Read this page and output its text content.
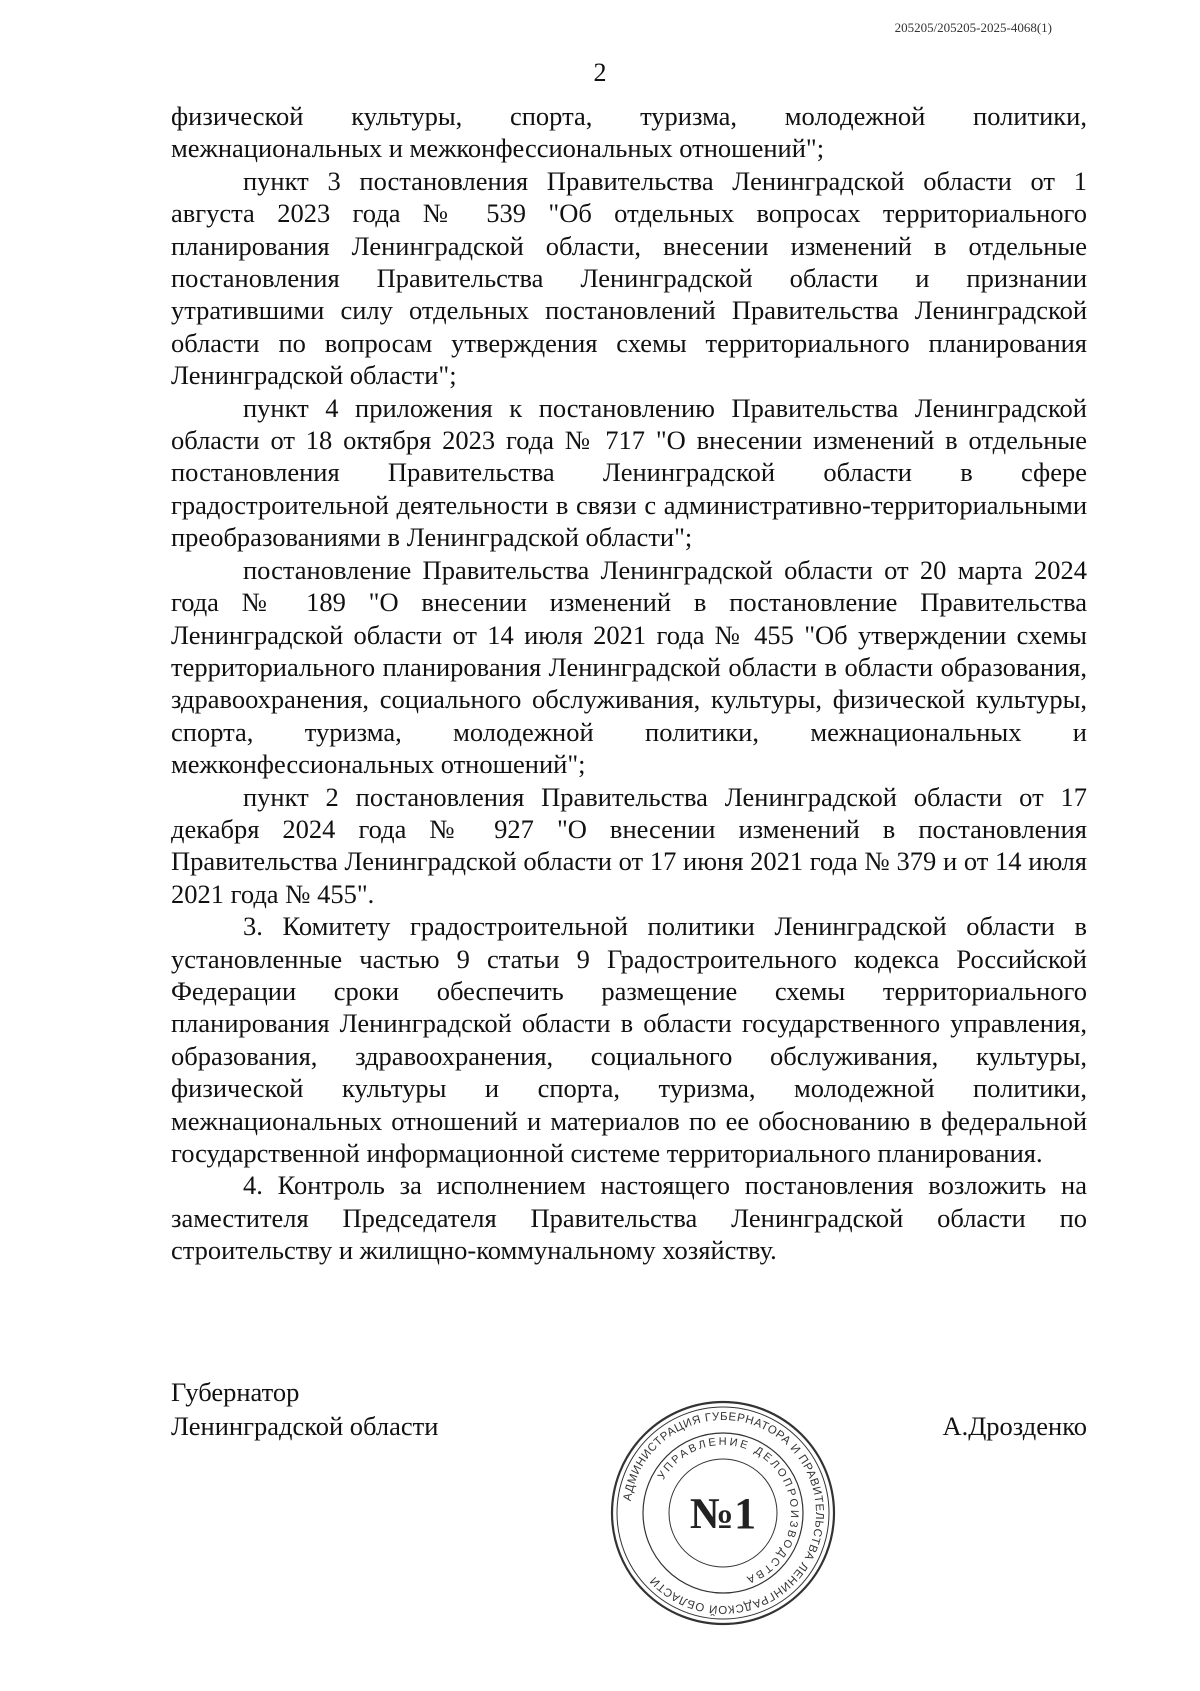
205205/205205-2025-4068(1)
2

физической культуры, спорта, туризма, молодежной политики, межнациональных и межконфессиональных отношений";

пункт 3 постановления Правительства Ленинградской области от 1 августа 2023 года № 539 "Об отдельных вопросах территориального планирования Ленинградской области, внесении изменений в отдельные постановления Правительства Ленинградской области и признании утратившими силу отдельных постановлений Правительства Ленинградской области по вопросам утверждения схемы территориального планирования Ленинградской области";

пункт 4 приложения к постановлению Правительства Ленинградской области от 18 октября 2023 года № 717 "О внесении изменений в отдельные постановления Правительства Ленинградской области в сфере градостроительной деятельности в связи с административно-территориальными преобразованиями в Ленинградской области";

постановление Правительства Ленинградской области от 20 марта 2024 года № 189 "О внесении изменений в постановление Правительства Ленинградской области от 14 июля 2021 года № 455 "Об утверждении схемы территориального планирования Ленинградской области в области образования, здравоохранения, социального обслуживания, культуры, физической культуры, спорта, туризма, молодежной политики, межнациональных и межконфессиональных отношений";

пункт 2 постановления Правительства Ленинградской области от 17 декабря 2024 года № 927 "О внесении изменений в постановления Правительства Ленинградской области от 17 июня 2021 года № 379 и от 14 июля 2021 года № 455".

3. Комитету градостроительной политики Ленинградской области в установленные частью 9 статьи 9 Градостроительного кодекса Российской Федерации сроки обеспечить размещение схемы территориального планирования Ленинградской области в области государственного управления, образования, здравоохранения, социального обслуживания, культуры, физической культуры и спорта, туризма, молодежной политики, межнациональных отношений и материалов по ее обоснованию в федеральной государственной информационной системе территориального планирования.

4. Контроль за исполнением настоящего постановления возложить на заместителя Председателя Правительства Ленинградской области по строительству и жилищно-коммунальному хозяйству.

Губернатор
Ленинградской области	А.Дрозденко
АДМИНИСТРАЦИЯ ГУБЕРНАТОРА И ПРАВИТЕЛЬСТВА ЛЕНИНГРАДСКОЙ ОБЛАСТИ
УПРАВЛЕНИЕ ДЕЛОПРОИЗВОДСТВА
№1
